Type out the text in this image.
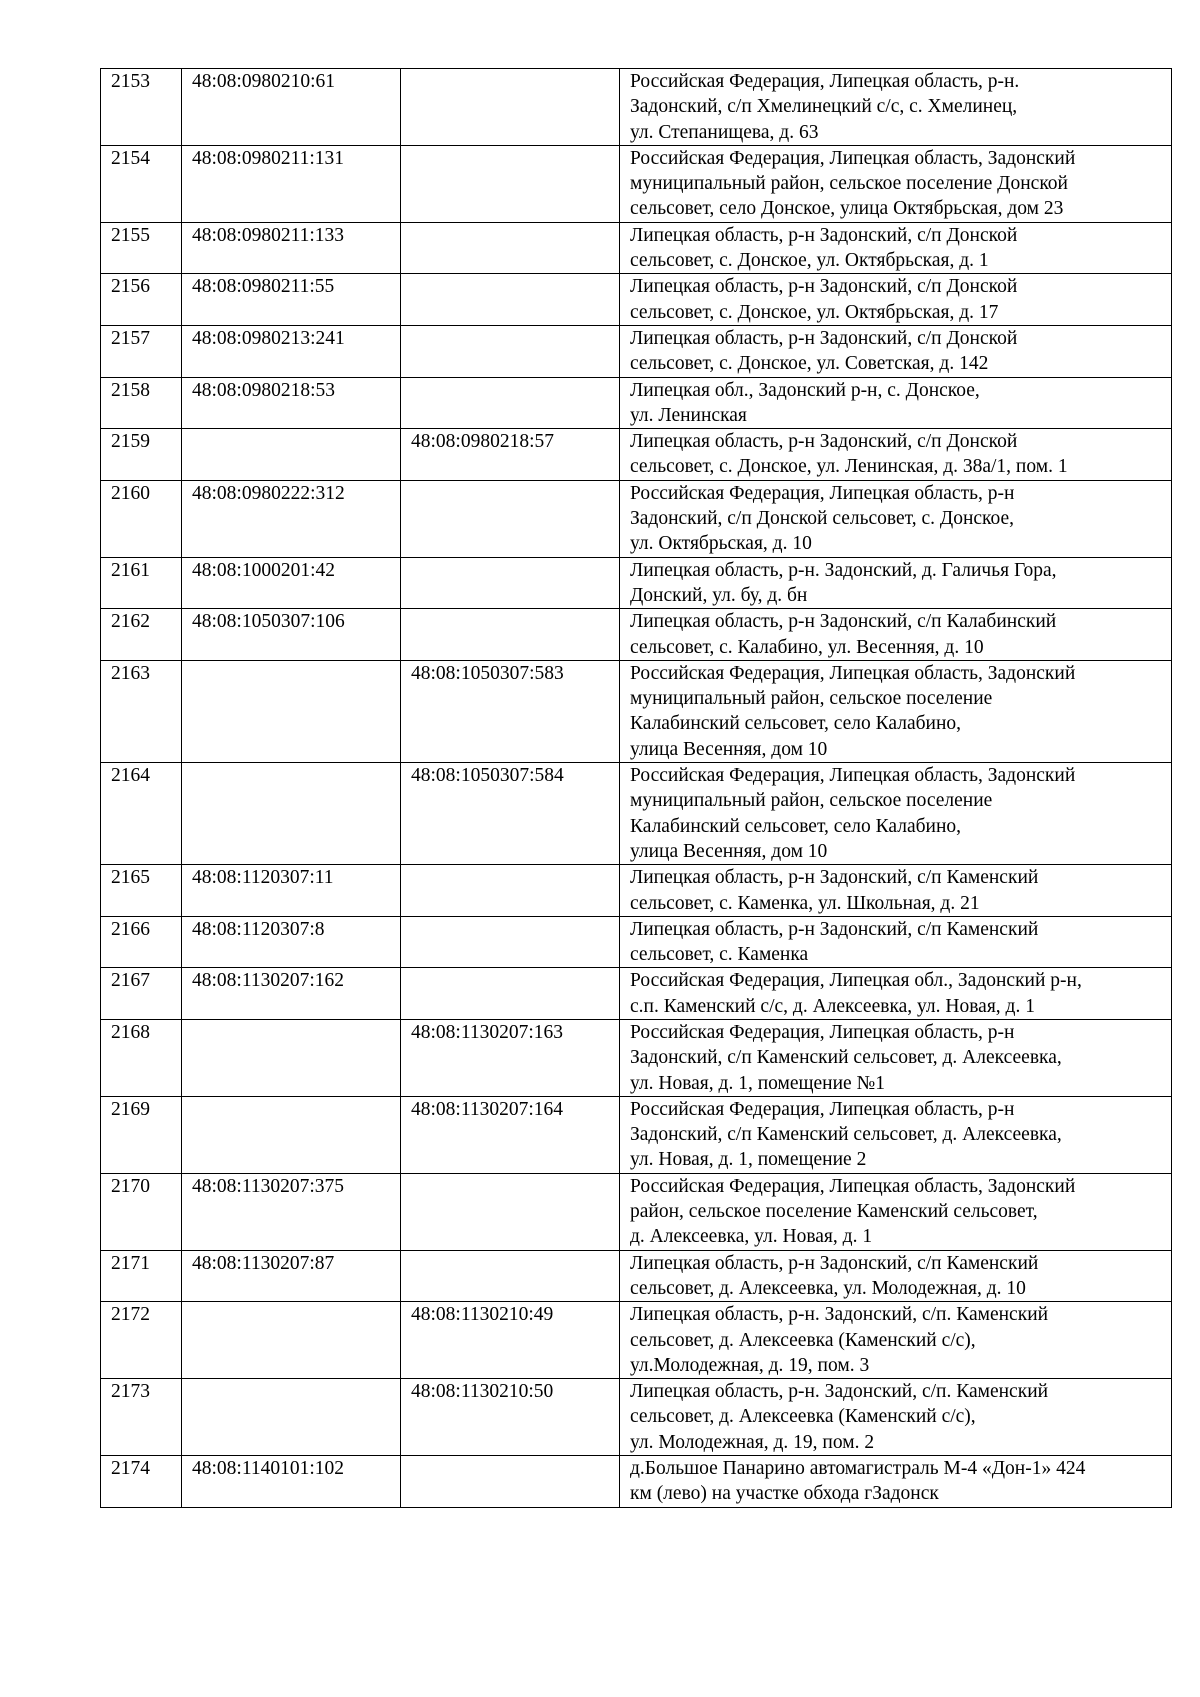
2153	48:08:0980210:61		Российская Федерация, Липецкая область, р-н.
Задонский, с/п Хмелинецкий с/с, с. Хмелинец,
ул. Степанищева, д. 63
2154	48:08:0980211:131		Российская Федерация, Липецкая область, Задонский
муниципальный район, сельское поселение Донской
сельсовет, село Донское, улица Октябрьская, дом 23
2155	48:08:0980211:133		Липецкая область, р-н Задонский, с/п Донской
сельсовет, с. Донское, ул. Октябрьская, д. 1
2156	48:08:0980211:55		Липецкая область, р-н Задонский, с/п Донской
сельсовет, с. Донское, ул. Октябрьская, д. 17
2157	48:08:0980213:241		Липецкая область, р-н Задонский, с/п Донской
сельсовет, с. Донское, ул. Советская, д. 142
2158	48:08:0980218:53		Липецкая обл., Задонский р-н, с. Донское,
ул. Ленинская
2159		48:08:0980218:57	Липецкая область, р-н Задонский, с/п Донской
сельсовет, с. Донское, ул. Ленинская, д. 38а/1, пом. 1
2160	48:08:0980222:312		Российская Федерация, Липецкая область, р-н
Задонский, с/п Донской сельсовет, с. Донское,
ул. Октябрьская, д. 10
2161	48:08:1000201:42		Липецкая область, р-н. Задонский, д. Галичья Гора,
Донский, ул. бу, д. бн
2162	48:08:1050307:106		Липецкая область, р-н Задонский, с/п Калабинский
сельсовет, с. Калабино, ул. Весенняя, д. 10
2163		48:08:1050307:583	Российская Федерация, Липецкая область, Задонский
муниципальный район, сельское поселение
Калабинский сельсовет, село Калабино,
улица Весенняя, дом 10
2164		48:08:1050307:584	Российская Федерация, Липецкая область, Задонский
муниципальный район, сельское поселение
Калабинский сельсовет, село Калабино,
улица Весенняя, дом 10
2165	48:08:1120307:11		Липецкая область, р-н Задонский, с/п Каменский
сельсовет, с. Каменка, ул. Школьная, д. 21
2166	48:08:1120307:8		Липецкая область, р-н Задонский, с/п Каменский
сельсовет, с. Каменка
2167	48:08:1130207:162		Российская Федерация, Липецкая обл., Задонский р-н,
с.п. Каменский с/с, д. Алексеевка, ул. Новая, д. 1
2168		48:08:1130207:163	Российская Федерация, Липецкая область, р-н
Задонский, с/п Каменский сельсовет, д. Алексеевка,
ул. Новая, д. 1, помещение №1
2169		48:08:1130207:164	Российская Федерация, Липецкая область, р-н
Задонский, с/п Каменский сельсовет, д. Алексеевка,
ул. Новая, д. 1, помещение 2
2170	48:08:1130207:375		Российская Федерация, Липецкая область, Задонский
район, сельское поселение Каменский сельсовет,
д. Алексеевка, ул. Новая, д. 1
2171	48:08:1130207:87		Липецкая область, р-н Задонский, с/п Каменский
сельсовет, д. Алексеевка, ул. Молодежная, д. 10
2172		48:08:1130210:49	Липецкая область, р-н. Задонский, с/п. Каменский
сельсовет, д. Алексеевка (Каменский с/с),
ул.Молодежная, д. 19, пом. 3
2173		48:08:1130210:50	Липецкая область, р-н. Задонский, с/п. Каменский
сельсовет, д. Алексеевка (Каменский с/с),
ул. Молодежная, д. 19, пом. 2
2174	48:08:1140101:102		д.Большое Панарино автомагистраль М-4 «Дон-1» 424
км (лево) на участке обхода гЗадонск
